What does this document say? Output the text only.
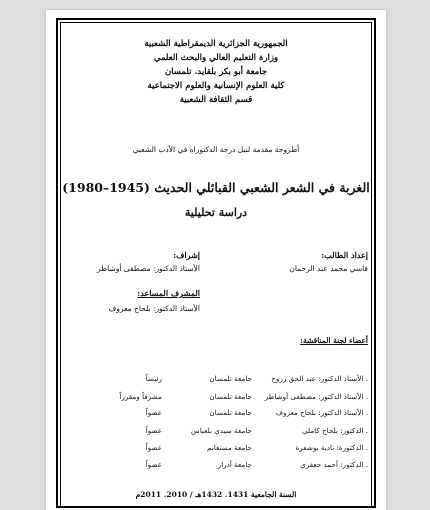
الجمهورية الجزائرية الديمقراطية الشعبية
وزارة التعليم العالي والبحث العلمي
جامعة أبو بكر بلقايد. تلمسان
كلية العلوم الإنسانية والعلوم الاجتماعية
قسم الثقافة الشعبية
أطروحة مقدمة لنيل درجة الدكتوراه في الأدب الشعبي
الغربة في الشعر الشعبي القبائلي الحديث (1945–1980)
دراسة تحليلية
إعداد الطالب:
قاسي محمد عبد الرحمان
إشراف:
الأستاذ الدكتور: مصطفى أوشاطر
المشرف المساعد:
الأستاذ الدكتور: بلحاج معروف
أعضاء لجنة المناقشة:
. الأستاذ الدكتور: عبد الحق زروخ
جامعة تلمسان
رئيساً
. الأستاذ الدكتور: مصطفى أوشاطر
جامعة تلمسان
مشرفاً ومقرراً
. الأستاذ الدكتور: بلحاج معروف
جامعة تلمسان
عضواً
. الدكتور: بلحاج كاملي
جامعة سيدي بلعباس
عضواً
. الدكتورة: نادية بوشفرة
جامعة مستغانم
عضواً
. الدكتور: أحمد جعفري
جامعة أدرار
عضواً
السنة الجامعية 1431. 1432هـ / 2010. 2011م
